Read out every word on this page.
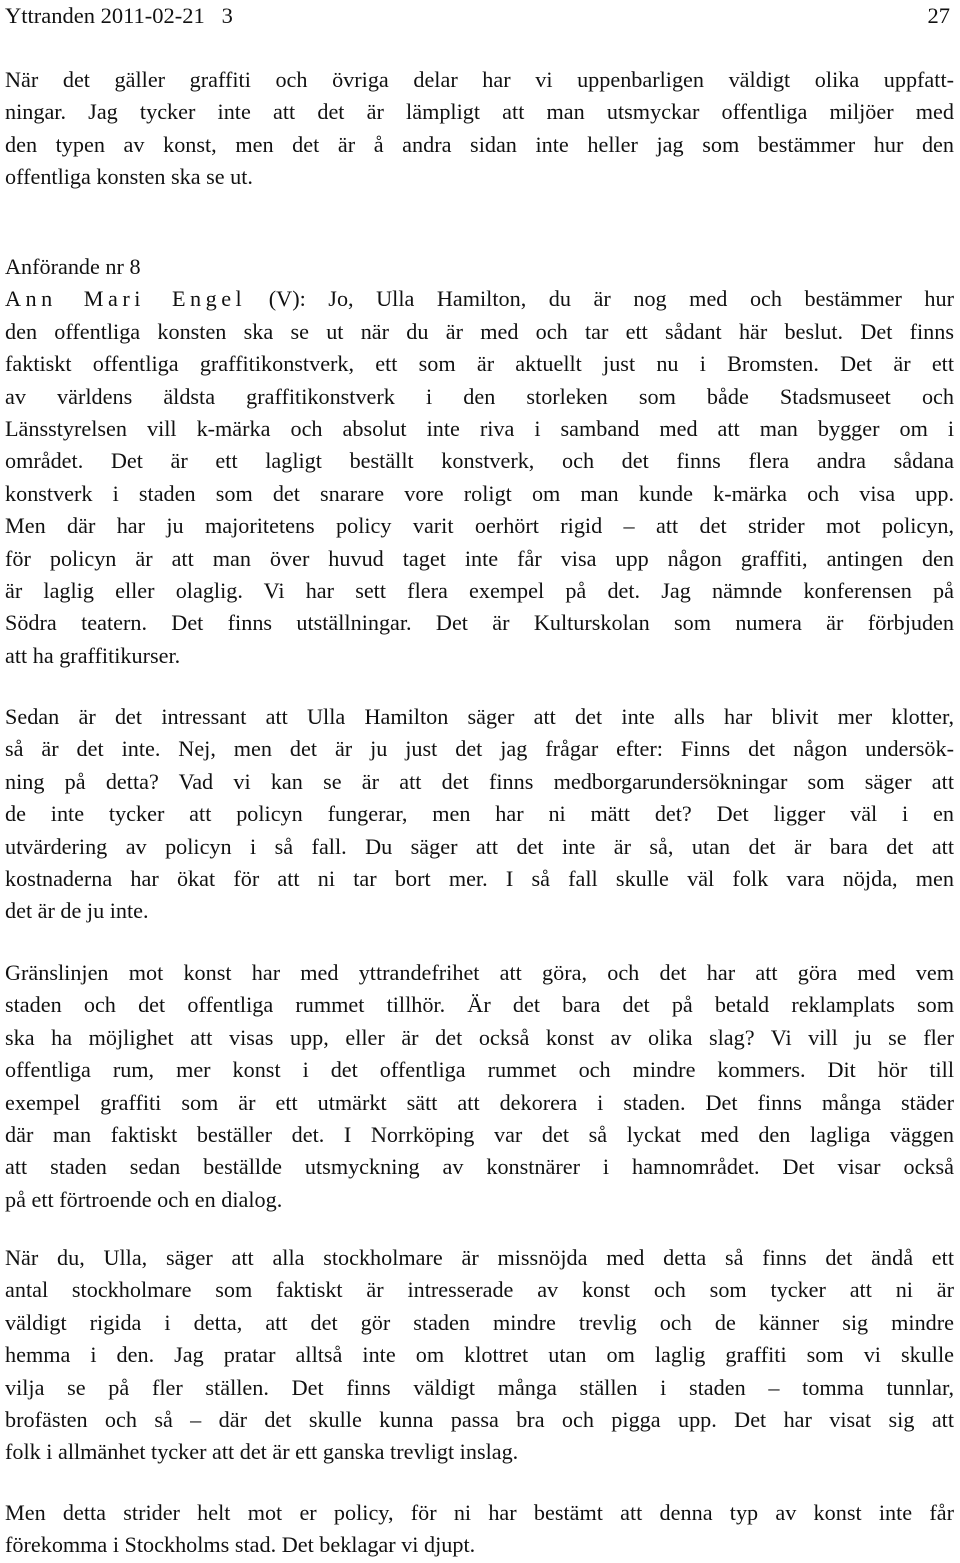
Yttranden 2011-02-21   3	27
När det gäller graffiti och övriga delar har vi uppenbarligen väldigt olika uppfatt-
ningar. Jag tycker inte att det är lämpligt att man utsmyckar offentliga miljöer med
den typen av konst, men det är å andra sidan inte heller jag som bestämmer hur den
offentliga konsten ska se ut.
Anförande nr 8
Ann Mari Engel (V): Jo, Ulla Hamilton, du är nog med och bestämmer hur
den offentliga konsten ska se ut när du är med och tar ett sådant här beslut. Det finns
faktiskt offentliga graffitikonstverk, ett som är aktuellt just nu i Bromsten. Det är ett
av världens äldsta graffitikonstverk i den storleken som både Stadsmuseet och
Länsstyrelsen vill k-märka och absolut inte riva i samband med att man bygger om i
området. Det är ett lagligt beställt konstverk, och det finns flera andra sådana
konstverk i staden som det snarare vore roligt om man kunde k-märka och visa upp.
Men där har ju majoritetens policy varit oerhört rigid – att det strider mot policyn,
för policyn är att man över huvud taget inte får visa upp någon graffiti, antingen den
är laglig eller olaglig. Vi har sett flera exempel på det. Jag nämnde konferensen på
Södra teatern. Det finns utställningar. Det är Kulturskolan som numera är förbjuden
att ha graffitikurser.
Sedan är det intressant att Ulla Hamilton säger att det inte alls har blivit mer klotter,
så är det inte. Nej, men det är ju just det jag frågar efter: Finns det någon undersök-
ning på detta? Vad vi kan se är att det finns medborgarundersökningar som säger att
de inte tycker att policyn fungerar, men har ni mätt det? Det ligger väl i en
utvärdering av policyn i så fall. Du säger att det inte är så, utan det är bara det att
kostnaderna har ökat för att ni tar bort mer. I så fall skulle väl folk vara nöjda, men
det är de ju inte.
Gränslinjen mot konst har med yttrandefrihet att göra, och det har att göra med vem
staden och det offentliga rummet tillhör. Är det bara det på betald reklamplats som
ska ha möjlighet att visas upp, eller är det också konst av olika slag? Vi vill ju se fler
offentliga rum, mer konst i det offentliga rummet och mindre kommers. Dit hör till
exempel graffiti som är ett utmärkt sätt att dekorera i staden. Det finns många städer
där man faktiskt beställer det. I Norrköping var det så lyckat med den lagliga väggen
att staden sedan beställde utsmyckning av konstnärer i hamnområdet. Det visar också
på ett förtroende och en dialog.
När du, Ulla, säger att alla stockholmare är missnöjda med detta så finns det ändå ett
antal stockholmare som faktiskt är intresserade av konst och som tycker att ni är
väldigt rigida i detta, att det gör staden mindre trevlig och de känner sig mindre
hemma i den. Jag pratar alltså inte om klottret utan om laglig graffiti som vi skulle
vilja se på fler ställen. Det finns väldigt många ställen i staden – tomma tunnlar,
brofästen och så – där det skulle kunna passa bra och pigga upp. Det har visat sig att
folk i allmänhet tycker att det är ett ganska trevligt inslag.
Men detta strider helt mot er policy, för ni har bestämt att denna typ av konst inte får
förekomma i Stockholms stad. Det beklagar vi djupt.
